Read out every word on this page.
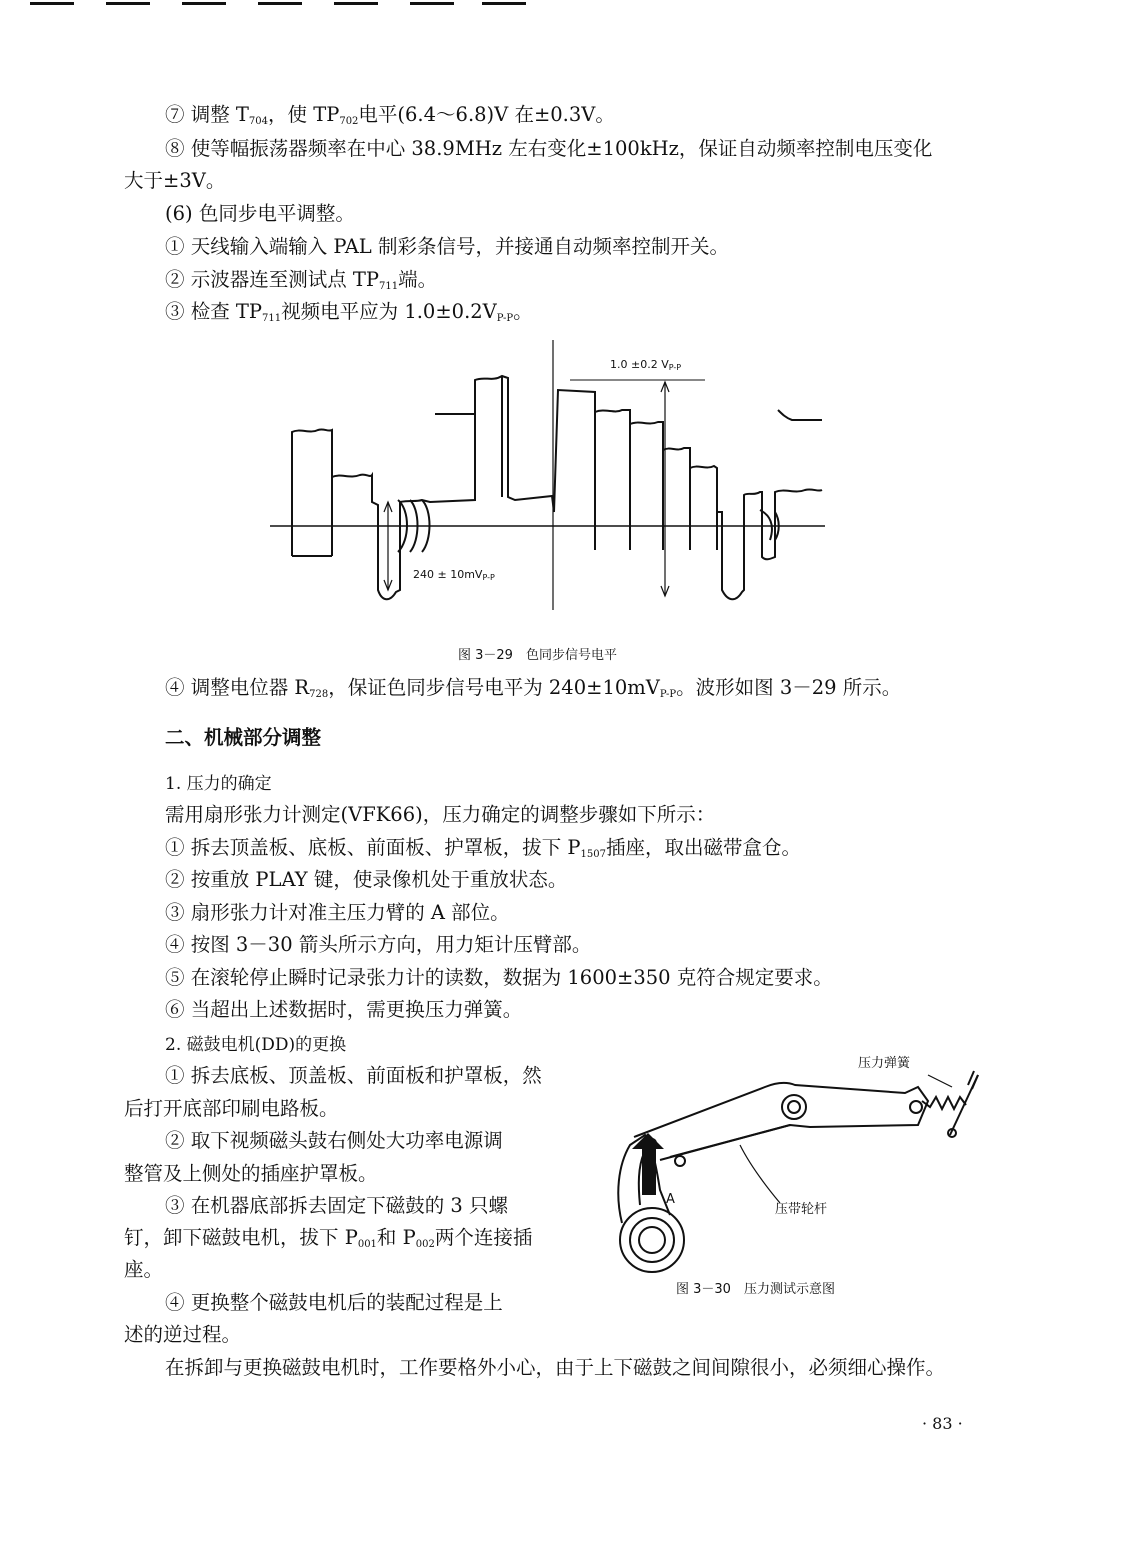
⑦ 调整 $T_{704}$，使 $TP_{702}$电平(6.4～6.8)V 在±0.3V。
⑧ 使等幅振荡器频率在中心 38.9MHz 左右变化±100kHz，保证自动频率控制电压变化
大于±3V。
(6) 色同步电平调整。
① 天线输入端输入 PAL 制彩条信号，并接通自动频率控制开关。
② 示波器连至测试点 $TP_{711}$端。
③ 检查 $TP_{711}$视频电平应为 $1.0\pm 0.2V_{P-P}$。
1.0 ±0.2 VP-P
240 ± 10mVP-P
图 3－29　色同步信号电平
④ 调整电位器 $R_{728}$，保证色同步信号电平为 $240\pm 10mV_{P-P}$。波形如图 3－29 所示。
二、机械部分调整
1. 压力的确定
需用扇形张力计测定(VFK66)，压力确定的调整步骤如下所示：
① 拆去顶盖板、底板、前面板、护罩板，拔下 $P_{1507}$插座，取出磁带盒仓。
② 按重放 PLAY 键，使录像机处于重放状态。
③ 扇形张力计对准主压力臂的 A 部位。
④ 按图 3－30 箭头所示方向，用力矩计压臂部。
⑤ 在滚轮停止瞬时记录张力计的读数，数据为 1600±350 克符合规定要求。
⑥ 当超出上述数据时，需更换压力弹簧。
2. 磁鼓电机(DD)的更换
① 拆去底板、顶盖板、前面板和护罩板，然
后打开底部印刷电路板。
② 取下视频磁头鼓右侧处大功率电源调
整管及上侧处的插座护罩板。
③ 在机器底部拆去固定下磁鼓的 3 只螺
钉，卸下磁鼓电机，拔下 $P_{001}$和 $P_{002}$两个连接插
座。
④ 更换整个磁鼓电机后的装配过程是上
述的逆过程。
在拆卸与更换磁鼓电机时，工作要格外小心，由于上下磁鼓之间间隙很小，必须细心操作。
压力弹簧
压带轮杆
A
图 3－30　压力测试示意图
· 83 ·
